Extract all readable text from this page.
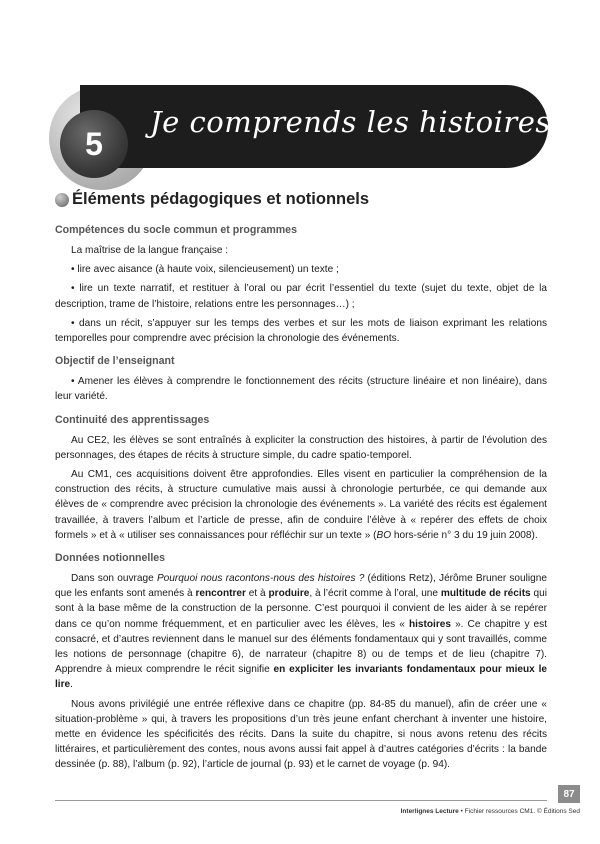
Je comprends les histoires
5
Éléments pédagogiques et notionnels
Compétences du socle commun et programmes

La maîtrise de la langue française :

• lire avec aisance (à haute voix, silencieusement) un texte ;

• lire un texte narratif, et restituer à l’oral ou par écrit l’essentiel du texte (sujet du texte, objet de la description, trame de l’histoire, relations entre les personnages…) ;

• dans un récit, s’appuyer sur les temps des verbes et sur les mots de liaison exprimant les relations temporelles pour comprendre avec précision la chronologie des événements.

Objectif de l’enseignant

• Amener les élèves à comprendre le fonctionnement des récits (structure linéaire et non linéaire), dans leur variété.

Continuité des apprentissages

Au CE2, les élèves se sont entraînés à expliciter la construction des histoires, à partir de l’évolution des personnages, des étapes de récits à structure simple, du cadre spatio-temporel.

Au CM1, ces acquisitions doivent être approfondies. Elles visent en particulier la compréhension de la construction des récits, à structure cumulative mais aussi à chronologie perturbée, ce qui demande aux élèves de « comprendre avec précision la chronologie des événements ». La variété des récits est également travaillée, à travers l’album et l’article de presse, afin de conduire l’élève à « repérer des effets de choix formels » et à « utiliser ses connaissances pour réfléchir sur un texte » (BO hors-série n° 3 du 19 juin 2008).

Données notionnelles

Dans son ouvrage Pourquoi nous racontons-nous des histoires ? (éditions Retz), Jérôme Bruner souligne que les enfants sont amenés à rencontrer et à produire, à l’écrit comme à l’oral, une multitude de récits qui sont à la base même de la construction de la personne. C’est pourquoi il convient de les aider à se repérer dans ce qu’on nomme fréquemment, et en particulier avec les élèves, les « histoires ». Ce chapitre y est consacré, et d’autres reviennent dans le manuel sur des éléments fondamentaux qui y sont travaillés, comme les notions de personnage (chapitre 6), de narrateur (chapitre 8) ou de temps et de lieu (chapitre 7). Apprendre à mieux comprendre le récit signifie en expliciter les invariants fondamentaux pour mieux le lire.

Nous avons privilégié une entrée réflexive dans ce chapitre (pp. 84-85 du manuel), afin de créer une « situation-problème » qui, à travers les propositions d’un très jeune enfant cherchant à inventer une histoire, mette en évidence les spécificités des récits. Dans la suite du chapitre, si nous avons retenu des récits littéraires, et particulièrement des contes, nous avons aussi fait appel à d’autres catégories d’écrits : la bande dessinée (p. 88), l’album (p. 92), l’article de journal (p. 93) et le carnet de voyage (p. 94).

87
Interlignes Lecture • Fichier ressources CM1. © Éditions Sed
